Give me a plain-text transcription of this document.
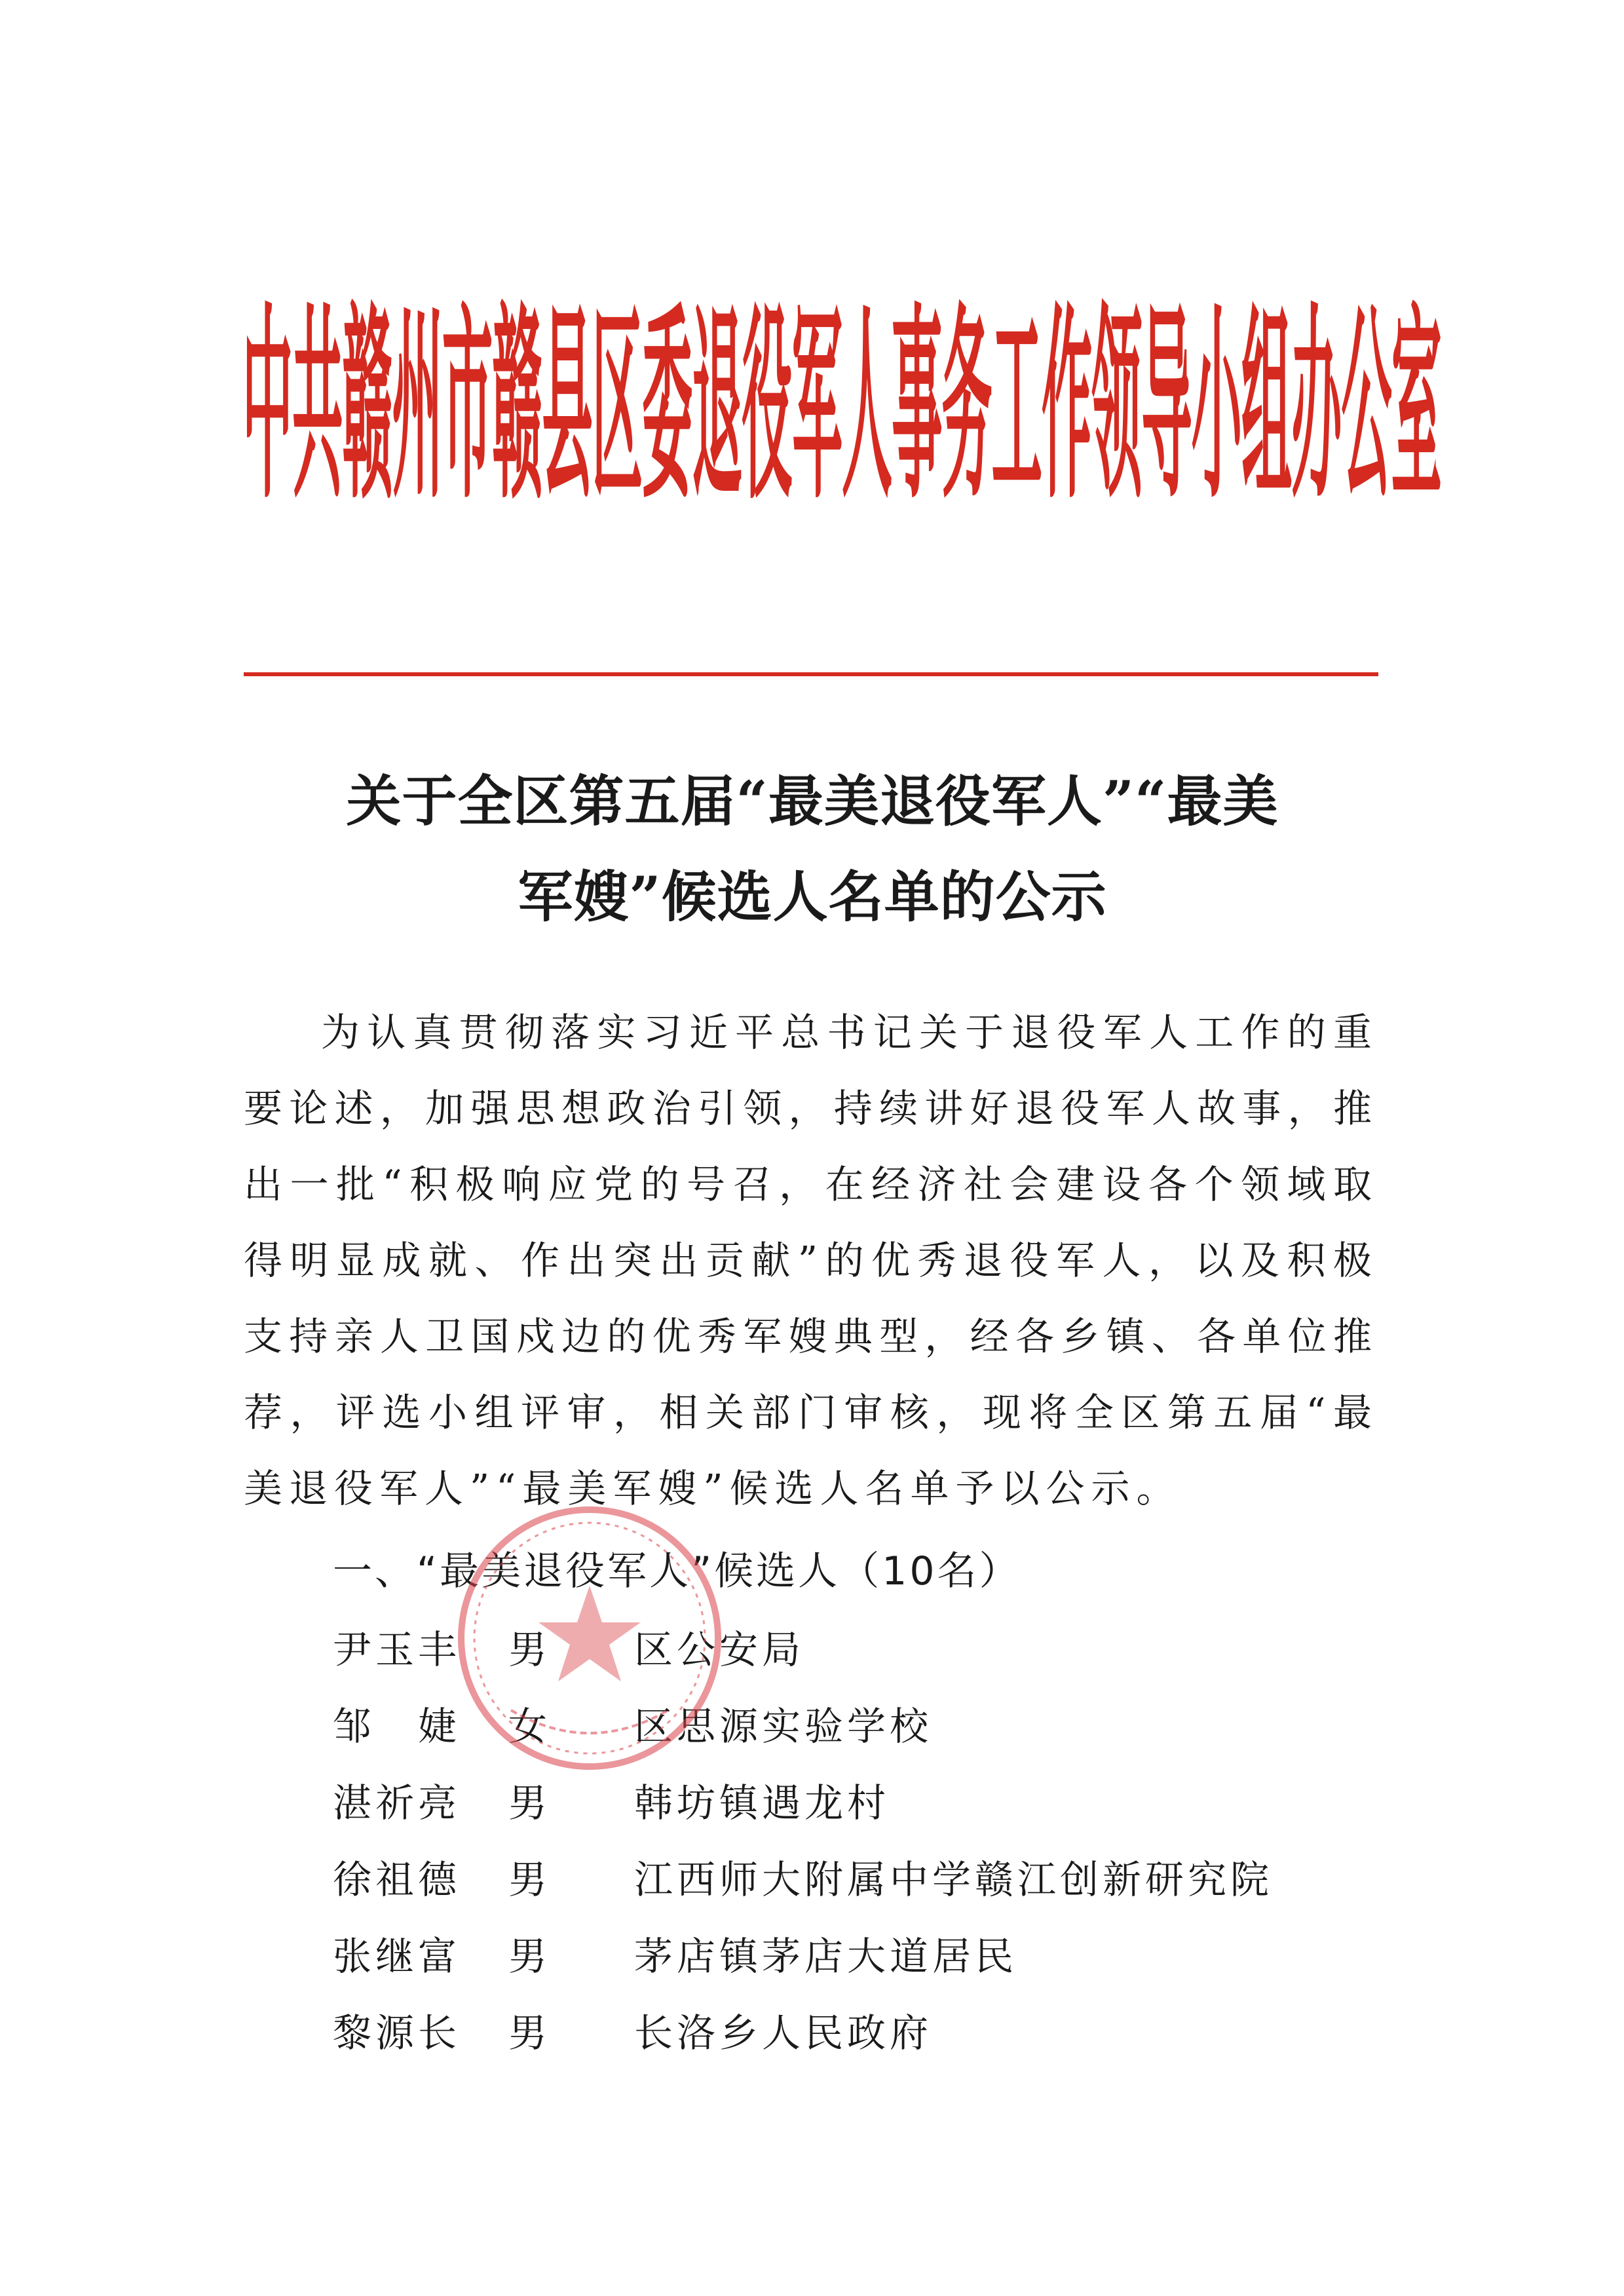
中共赣州市赣县区委退役军人事务工作领导小组办公室
关于全区第五届“最美退役军人”“最美
军嫂”候选人名单的公示
为认真贯彻落实习近平总书记关于退役军人工作的重要论述，加强思想政治引领，持续讲好退役军人故事，推出一批“积极响应党的号召，在经济社会建设各个领域取得明显成就、作出突出贡献”的优秀退役军人，以及积极支持亲人卫国戍边的优秀军嫂典型，经各乡镇、各单位推荐，评选小组评审，相关部门审核，现将全区第五届“最美退役军人”“最美军嫂”候选人名单予以公示。
一、“最美退役军人”候选人（10名）
尹玉丰	男	区公安局
邹　婕	女	区思源实验学校
湛祈亮	男	韩坊镇遇龙村
徐祖德	男	江西师大附属中学赣江创新研究院
张继富	男	茅店镇茅店大道居民
黎源长	男	长洛乡人民政府
